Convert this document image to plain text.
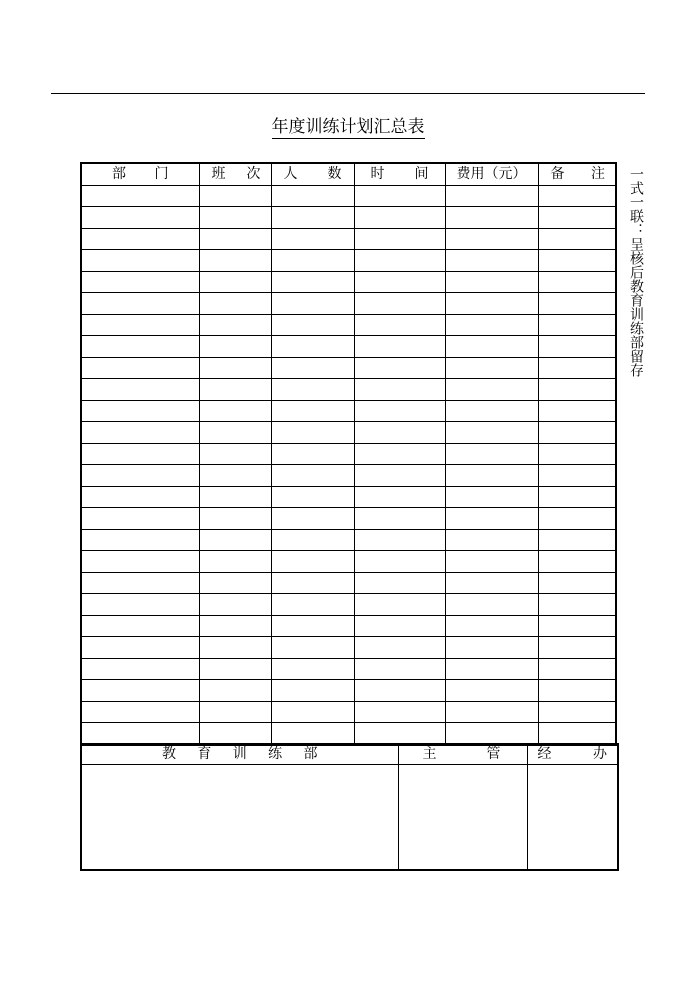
年度训练计划汇总表
部 门	班 次	人 数	时 间	费用（元）	备 注

教 育 训 练 部	主 管	经 办

一式一联：呈核后教育训练部留存
